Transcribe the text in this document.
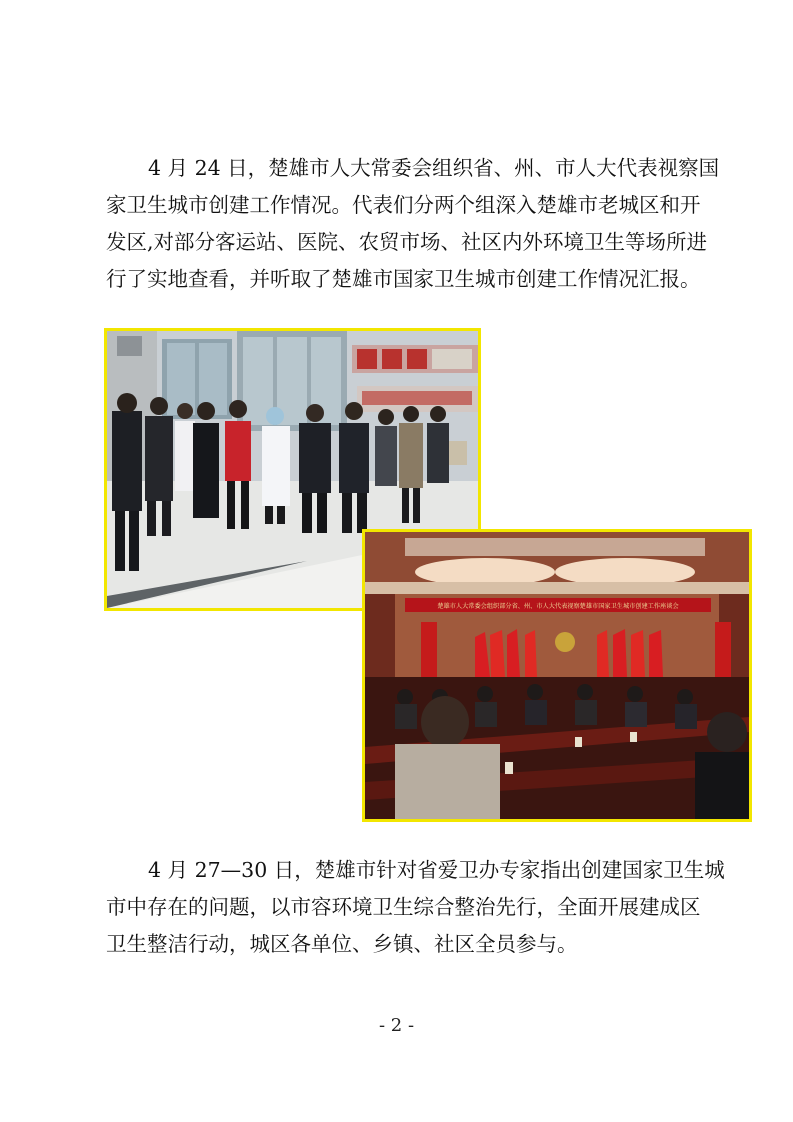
4 月 24 日，楚雄市人大常委会组织省、州、市人大代表视察国
家卫生城市创建工作情况。代表们分两个组深入楚雄市老城区和开
发区,对部分客运站、医院、农贸市场、社区内外环境卫生等场所进
行了实地查看，并听取了楚雄市国家卫生城市创建工作情况汇报。
楚雄市人大常委会组织部分省、州、市人大代表视察楚雄市国家卫生城市创建工作座谈会
4 月 27—30 日，楚雄市针对省爱卫办专家指出创建国家卫生城
市中存在的问题，以市容环境卫生综合整治先行，全面开展建成区
卫生整洁行动，城区各单位、乡镇、社区全员参与。
- 2 -
